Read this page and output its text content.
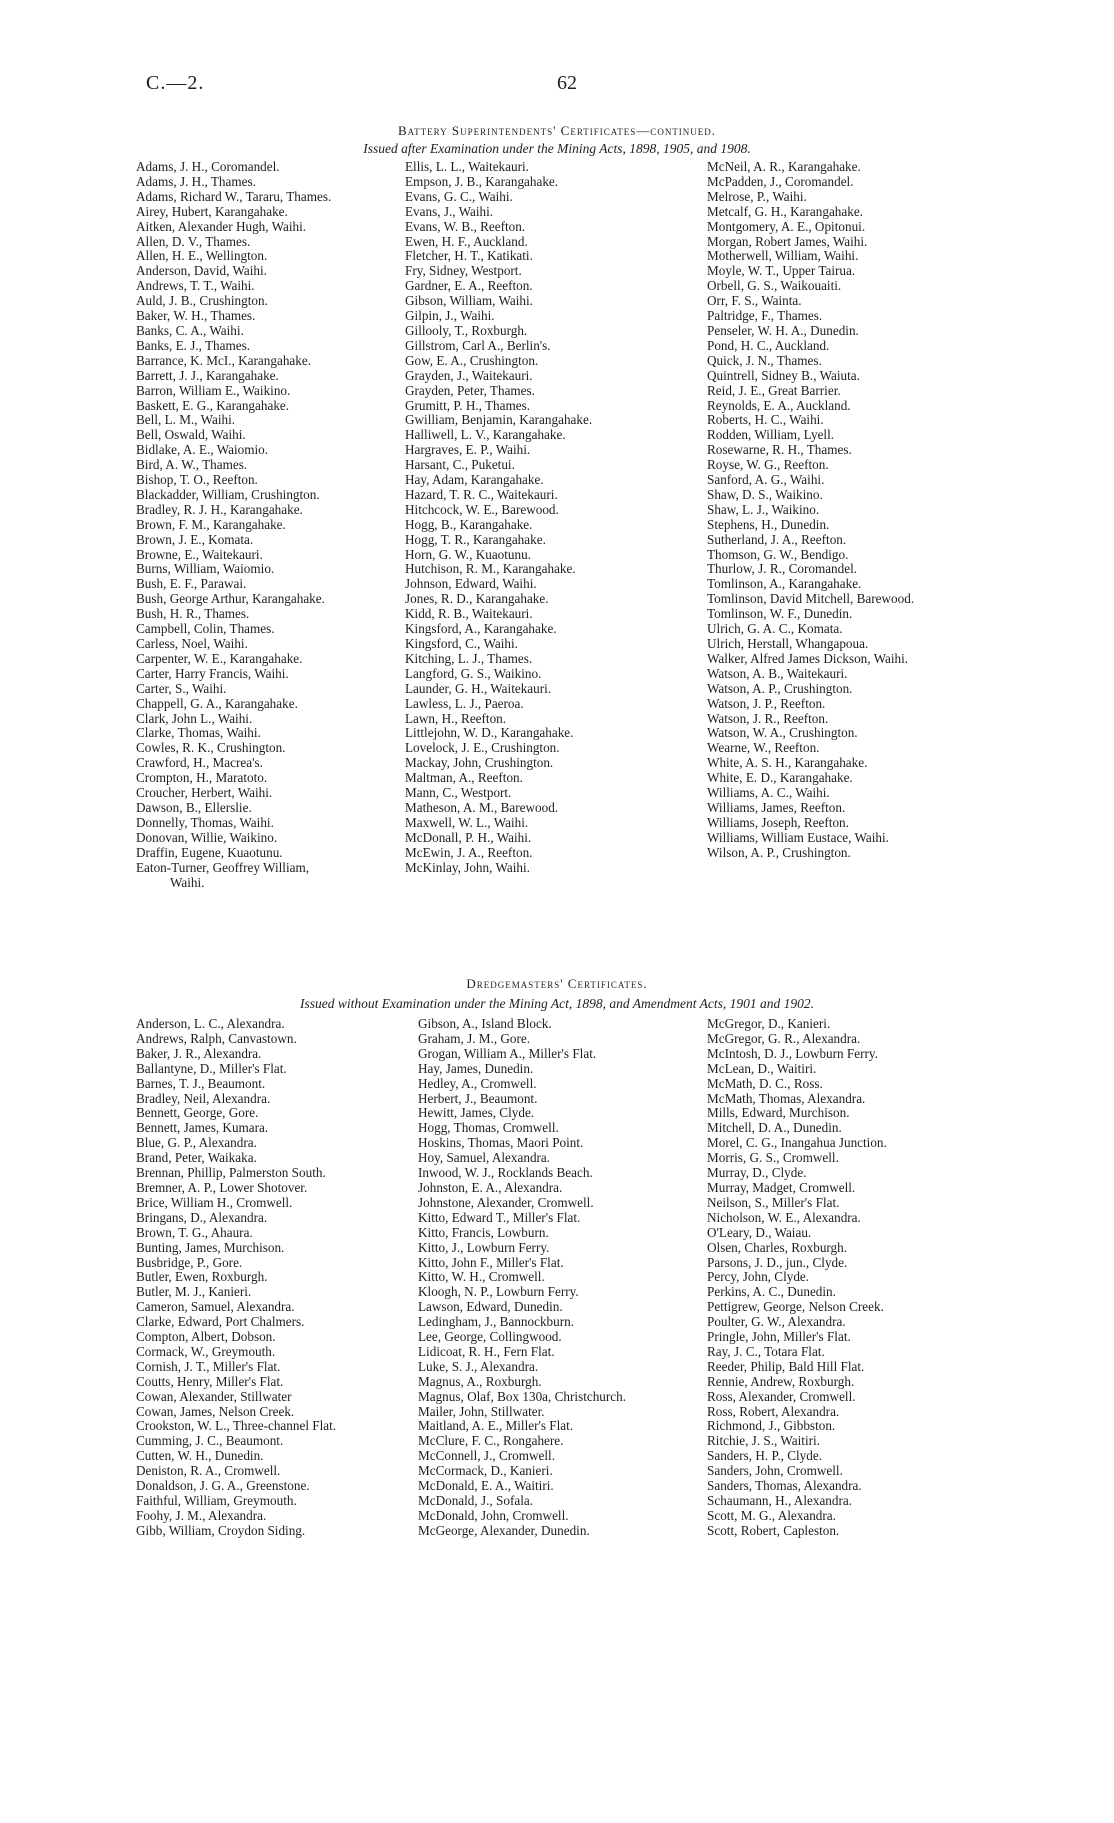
C.—2.	62
Battery Superintendents' Certificates—continued.
Issued after Examination under the Mining Acts, 1898, 1905, and 1908.
Adams, J. H., Coromandel.
Adams, J. H., Thames.
Adams, Richard W., Tararu, Thames.
Airey, Hubert, Karangahake.
Aitken, Alexander Hugh, Waihi.
Allen, D. V., Thames.
Allen, H. E., Wellington.
Anderson, David, Waihi.
Andrews, T. T., Waihi.
Auld, J. B., Crushington.
Baker, W. H., Thames.
Banks, C. A., Waihi.
Banks, E. J., Thames.
Barrance, K. McI., Karangahake.
Barrett, J. J., Karangahake.
Barron, William E., Waikino.
Baskett, E. G., Karangahake.
Bell, L. M., Waihi.
Bell, Oswald, Waihi.
Bidlake, A. E., Waiomio.
Bird, A. W., Thames.
Bishop, T. O., Reefton.
Blackadder, William, Crushington.
Bradley, R. J. H., Karangahake.
Brown, F. M., Karangahake.
Brown, J. E., Komata.
Browne, E., Waitekauri.
Burns, William, Waiomio.
Bush, E. F., Parawai.
Bush, George Arthur, Karangahake.
Bush, H. R., Thames.
Campbell, Colin, Thames.
Carless, Noel, Waihi.
Carpenter, W. E., Karangahake.
Carter, Harry Francis, Waihi.
Carter, S., Waihi.
Chappell, G. A., Karangahake.
Clark, John L., Waihi.
Clarke, Thomas, Waihi.
Cowles, R. K., Crushington.
Crawford, H., Macrea's.
Crompton, H., Maratoto.
Croucher, Herbert, Waihi.
Dawson, B., Ellerslie.
Donnelly, Thomas, Waihi.
Donovan, Willie, Waikino.
Draffin, Eugene, Kuaotunu.
Eaton-Turner, Geoffrey William,
Waihi.
Ellis, L. L., Waitekauri.
Empson, J. B., Karangahake.
Evans, G. C., Waihi.
Evans, J., Waihi.
Evans, W. B., Reefton.
Ewen, H. F., Auckland.
Fletcher, H. T., Katikati.
Fry, Sidney, Westport.
Gardner, E. A., Reefton.
Gibson, William, Waihi.
Gilpin, J., Waihi.
Gillooly, T., Roxburgh.
Gillstrom, Carl A., Berlin's.
Gow, E. A., Crushington.
Grayden, J., Waitekauri.
Grayden, Peter, Thames.
Grumitt, P. H., Thames.
Gwilliam, Benjamin, Karangahake.
Halliwell, L. V., Karangahake.
Hargraves, E. P., Waihi.
Harsant, C., Puketui.
Hay, Adam, Karangahake.
Hazard, T. R. C., Waitekauri.
Hitchcock, W. E., Barewood.
Hogg, B., Karangahake.
Hogg, T. R., Karangahake.
Horn, G. W., Kuaotunu.
Hutchison, R. M., Karangahake.
Johnson, Edward, Waihi.
Jones, R. D., Karangahake.
Kidd, R. B., Waitekauri.
Kingsford, A., Karangahake.
Kingsford, C., Waihi.
Kitching, L. J., Thames.
Langford, G. S., Waikino.
Launder, G. H., Waitekauri.
Lawless, L. J., Paeroa.
Lawn, H., Reefton.
Littlejohn, W. D., Karangahake.
Lovelock, J. E., Crushington.
Mackay, John, Crushington.
Maltman, A., Reefton.
Mann, C., Westport.
Matheson, A. M., Barewood.
Maxwell, W. L., Waihi.
McDonall, P. H., Waihi.
McEwin, J. A., Reefton.
McKinlay, John, Waihi.
McNeil, A. R., Karangahake.
McPadden, J., Coromandel.
Melrose, P., Waihi.
Metcalf, G. H., Karangahake.
Montgomery, A. E., Opitonui.
Morgan, Robert James, Waihi.
Motherwell, William, Waihi.
Moyle, W. T., Upper Tairua.
Orbell, G. S., Waikouaiti.
Orr, F. S., Wainta.
Paltridge, F., Thames.
Penseler, W. H. A., Dunedin.
Pond, H. C., Auckland.
Quick, J. N., Thames.
Quintrell, Sidney B., Waiuta.
Reid, J. E., Great Barrier.
Reynolds, E. A., Auckland.
Roberts, H. C., Waihi.
Rodden, William, Lyell.
Rosewarne, R. H., Thames.
Royse, W. G., Reefton.
Sanford, A. G., Waihi.
Shaw, D. S., Waikino.
Shaw, L. J., Waikino.
Stephens, H., Dunedin.
Sutherland, J. A., Reefton.
Thomson, G. W., Bendigo.
Thurlow, J. R., Coromandel.
Tomlinson, A., Karangahake.
Tomlinson, David Mitchell, Barewood.
Tomlinson, W. F., Dunedin.
Ulrich, G. A. C., Komata.
Ulrich, Herstall, Whangapoua.
Walker, Alfred James Dickson, Waihi.
Watson, A. B., Waitekauri.
Watson, A. P., Crushington.
Watson, J. P., Reefton.
Watson, J. R., Reefton.
Watson, W. A., Crushington.
Wearne, W., Reefton.
White, A. S. H., Karangahake.
White, E. D., Karangahake.
Williams, A. C., Waihi.
Williams, James, Reefton.
Williams, Joseph, Reefton.
Williams, William Eustace, Waihi.
Wilson, A. P., Crushington.
Dredgemasters' Certificates.
Issued without Examination under the Mining Act, 1898, and Amendment Acts, 1901 and 1902.
Anderson, L. C., Alexandra.
Andrews, Ralph, Canvastown.
Baker, J. R., Alexandra.
Ballantyne, D., Miller's Flat.
Barnes, T. J., Beaumont.
Bradley, Neil, Alexandra.
Bennett, George, Gore.
Bennett, James, Kumara.
Blue, G. P., Alexandra.
Brand, Peter, Waikaka.
Brennan, Phillip, Palmerston South.
Bremner, A. P., Lower Shotover.
Brice, William H., Cromwell.
Bringans, D., Alexandra.
Brown, T. G., Ahaura.
Bunting, James, Murchison.
Busbridge, P., Gore.
Butler, Ewen, Roxburgh.
Butler, M. J., Kanieri.
Cameron, Samuel, Alexandra.
Clarke, Edward, Port Chalmers.
Compton, Albert, Dobson.
Cormack, W., Greymouth.
Cornish, J. T., Miller's Flat.
Coutts, Henry, Miller's Flat.
Cowan, Alexander, Stillwater
Cowan, James, Nelson Creek.
Crookston, W. L., Three-channel Flat.
Cumming, J. C., Beaumont.
Cutten, W. H., Dunedin.
Deniston, R. A., Cromwell.
Donaldson, J. G. A., Greenstone.
Faithful, William, Greymouth.
Foohy, J. M., Alexandra.
Gibb, William, Croydon Siding.
Gibson, A., Island Block.
Graham, J. M., Gore.
Grogan, William A., Miller's Flat.
Hay, James, Dunedin.
Hedley, A., Cromwell.
Herbert, J., Beaumont.
Hewitt, James, Clyde.
Hogg, Thomas, Cromwell.
Hoskins, Thomas, Maori Point.
Hoy, Samuel, Alexandra.
Inwood, W. J., Rocklands Beach.
Johnston, E. A., Alexandra.
Johnstone, Alexander, Cromwell.
Kitto, Edward T., Miller's Flat.
Kitto, Francis, Lowburn.
Kitto, J., Lowburn Ferry.
Kitto, John F., Miller's Flat.
Kitto, W. H., Cromwell.
Kloogh, N. P., Lowburn Ferry.
Lawson, Edward, Dunedin.
Ledingham, J., Bannockburn.
Lee, George, Collingwood.
Lidicoat, R. H., Fern Flat.
Luke, S. J., Alexandra.
Magnus, A., Roxburgh.
Magnus, Olaf, Box 130a, Christchurch.
Mailer, John, Stillwater.
Maitland, A. E., Miller's Flat.
McClure, F. C., Rongahere.
McConnell, J., Cromwell.
McCormack, D., Kanieri.
McDonald, E. A., Waitiri.
McDonald, J., Sofala.
McDonald, John, Cromwell.
McGeorge, Alexander, Dunedin.
McGregor, D., Kanieri.
McGregor, G. R., Alexandra.
McIntosh, D. J., Lowburn Ferry.
McLean, D., Waitiri.
McMath, D. C., Ross.
McMath, Thomas, Alexandra.
Mills, Edward, Murchison.
Mitchell, D. A., Dunedin.
Morel, C. G., Inangahua Junction.
Morris, G. S., Cromwell.
Murray, D., Clyde.
Murray, Madget, Cromwell.
Neilson, S., Miller's Flat.
Nicholson, W. E., Alexandra.
O'Leary, D., Waiau.
Olsen, Charles, Roxburgh.
Parsons, J. D., jun., Clyde.
Percy, John, Clyde.
Perkins, A. C., Dunedin.
Pettigrew, George, Nelson Creek.
Poulter, G. W., Alexandra.
Pringle, John, Miller's Flat.
Ray, J. C., Totara Flat.
Reeder, Philip, Bald Hill Flat.
Rennie, Andrew, Roxburgh.
Ross, Alexander, Cromwell.
Ross, Robert, Alexandra.
Richmond, J., Gibbston.
Ritchie, J. S., Waitiri.
Sanders, H. P., Clyde.
Sanders, John, Cromwell.
Sanders, Thomas, Alexandra.
Schaumann, H., Alexandra.
Scott, M. G., Alexandra.
Scott, Robert, Capleston.
